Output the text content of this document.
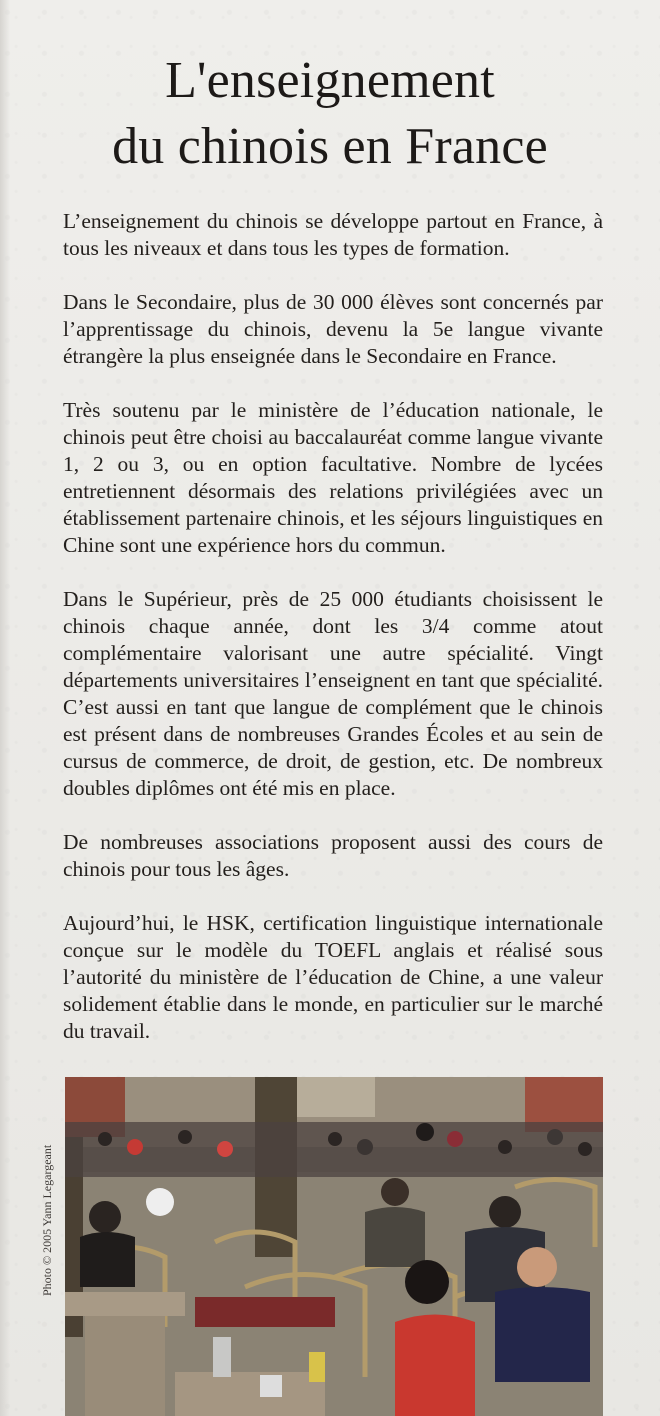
L'enseignement
du chinois en France

L’enseignement du chinois se développe partout en France, à tous les niveaux et dans tous les types de formation.

Dans le Secondaire, plus de 30 000 élèves sont concernés par l’apprentissage du chinois, devenu la 5e langue vivante étrangère la plus enseignée dans le Secondaire en France.

Très soutenu par le ministère de l’éducation nationale, le chinois peut être choisi au baccalauréat comme langue vivante 1, 2 ou 3, ou en option facultative. Nombre de lycées entretiennent désormais des relations privilégiées avec un établissement partenaire chinois, et les séjours linguistiques en Chine sont une expérience hors du commun.

Dans le Supérieur, près de 25 000 étudiants choisissent le chinois chaque année, dont les 3/4 comme atout complémentaire valorisant une autre spécialité. Vingt départements universitaires l’enseignent en tant que spécialité. C’est aussi en tant que langue de complément que le chinois est présent dans de nombreuses Grandes Écoles et au sein de cursus de commerce, de droit, de gestion, etc. De nombreux doubles diplômes ont été mis en place.

De nombreuses associations proposent aussi des cours de chinois pour tous les âges.

Aujourd’hui, le HSK, certification linguistique internationale conçue sur le modèle du TOEFL anglais et réalisé sous l’autorité du ministère de l’éducation de Chine, a une valeur solidement établie dans le monde, en particulier sur le marché du travail.

Photo © 2005 Yann Legargeant
